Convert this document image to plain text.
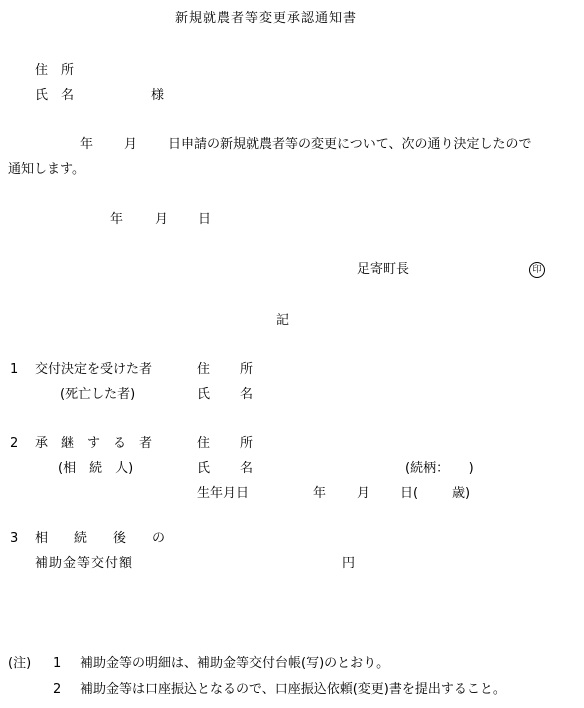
新規就農者等変更承認通知書
住　所
氏　名	様
年 月 日申請の新規就農者等の変更について、次の通り決定したので
通知します。
年 月 日
足寄町長	印
記
1 交付決定を受けた者	住 所
(死亡した者)	氏 名
2 承　継　す　る　者	住 所
(相　続　人)	氏 名	(続柄：　　)
生年月日	年 月 日(	歳)
3 相　　続　　後　　の
補助金等交付額	円
(注) 1 補助金等の明細は、補助金等交付台帳(写)のとおり。
2 補助金等は口座振込となるので、口座振込依頼(変更)書を提出すること。
